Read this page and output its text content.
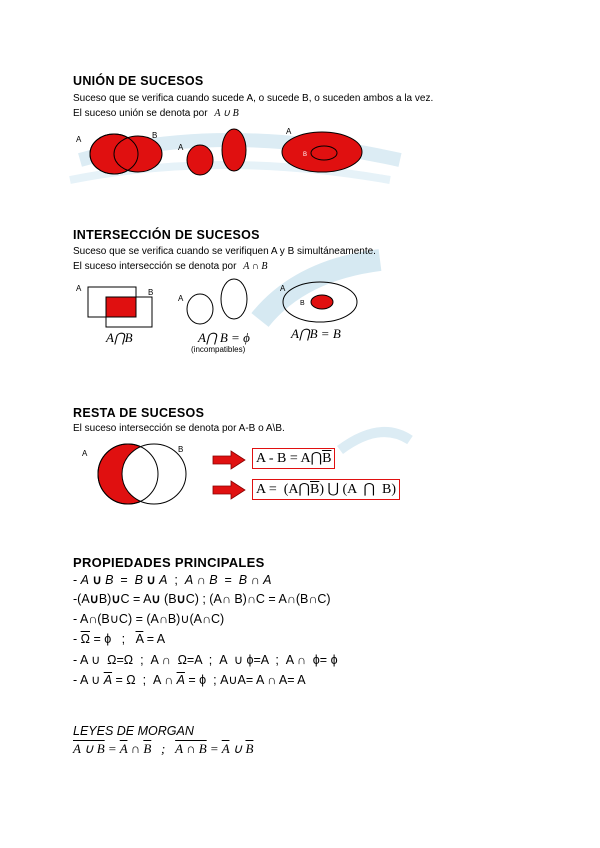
UNIÓN DE SUCESOS
Suceso que se verifica cuando sucede A, o sucede B, o suceden ambos a la vez.
El suceso unión se denota por A ∪ B
A	B
A
A
B
INTERSECCIÓN DE SUCESOS
Suceso que se verifica cuando se verifiquen A y B simultáneamente.
El suceso intersección se denota por A ∩ B
A	B
A
A
B
A⋂B	A⋂ B = ϕ
(incompatibles)
A⋂B = B
RESTA DE SUCESOS
El suceso intersección se denota por A-B o A\B.
A	B
$A - B = A⋂\overline{B}$
$A = (A⋂\overline{B})$ ⋃ (A  ⋂  B)
PROPIEDADES PRINCIPALES
- A ∪ B  =  B ∪ A  ;  A ∩ B  =  B ∩ A
-(A∪B)∪C = A∪ (B∪C) ; (A∩ B)∩C = A∩(B∩C)
- A∩(B∪C) = (A∩B)∪(A∩C)
- $\overline{\Omega} = \phi$   ;   A = A
- A ∪  Ω=Ω  ;  A ∩  Ω=A  ;  A  ∪ ϕ=A  ;  A ∩  ϕ= ϕ
- A ∪ $\overline{A} = \Omega$  ;  A ∩ $\overline{A} = \phi$  ; A∪A= A ∩ A= A
LEYES DE MORGAN
A ∪ $B = \overline{A}$ ∩ $\overline{B}$   ;   A ∩ $B = \overline{A}$ ∪ $\overline{B}$
